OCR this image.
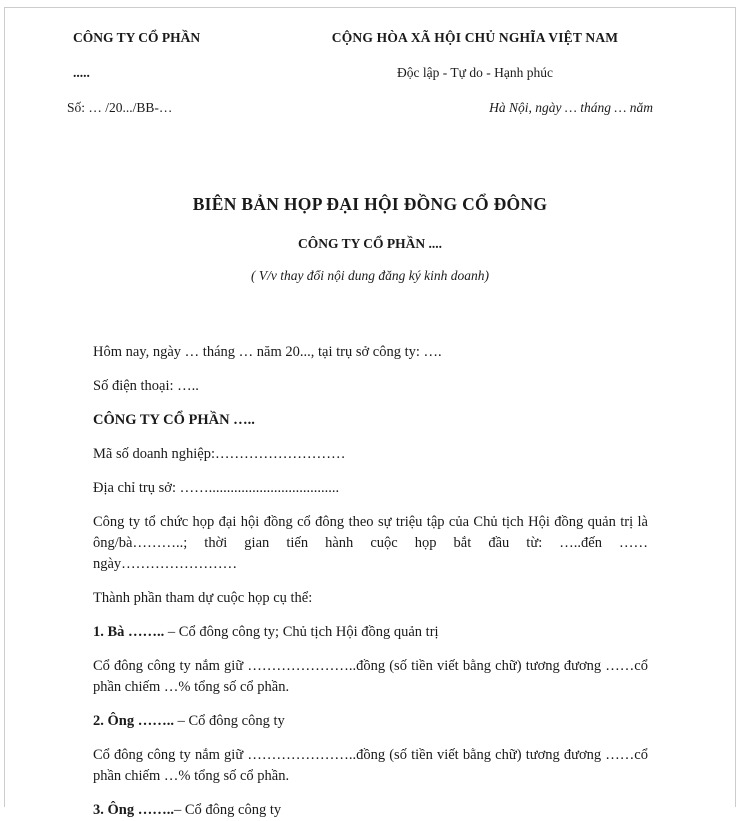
CÔNG TY CỔ PHẦN
.....
Số: … /20.../BB-…
CỘNG HÒA XÃ HỘI CHỦ NGHĨA VIỆT NAM
Độc lập - Tự do - Hạnh phúc
Hà Nội, ngày … tháng … năm
BIÊN BẢN HỌP ĐẠI HỘI ĐỒNG CỔ ĐÔNG
CÔNG TY CỔ PHẦN ....
( V/v thay đổi nội dung đăng ký kinh doanh)

Hôm nay, ngày … tháng … năm 20..., tại trụ sở công ty: ….

Số điện thoại: …..

CÔNG TY CỔ PHẦN …..

Mã số doanh nghiệp:………………………

Địa chỉ trụ sở: ……....................................

Công ty tổ chức họp đại hội đồng cổ đông theo sự triệu tập của Chủ tịch Hội đồng quản trị là ông/bà………..; thời gian tiến hành cuộc họp bắt đầu từ: …..đến …… ngày……………………

Thành phần tham dự cuộc họp cụ thể:

1. Bà …….. – Cổ đông công ty; Chủ tịch Hội đồng quản trị

Cổ đông công ty nắm giữ …………………..đồng (số tiền viết bằng chữ) tương đương ……cổ phần chiếm …% tổng số cổ phần.

2. Ông …….. – Cổ đông công ty

Cổ đông công ty nắm giữ …………………..đồng (số tiền viết bằng chữ) tương đương ……cổ phần chiếm …% tổng số cổ phần.

3. Ông ……..– Cổ đông công ty
